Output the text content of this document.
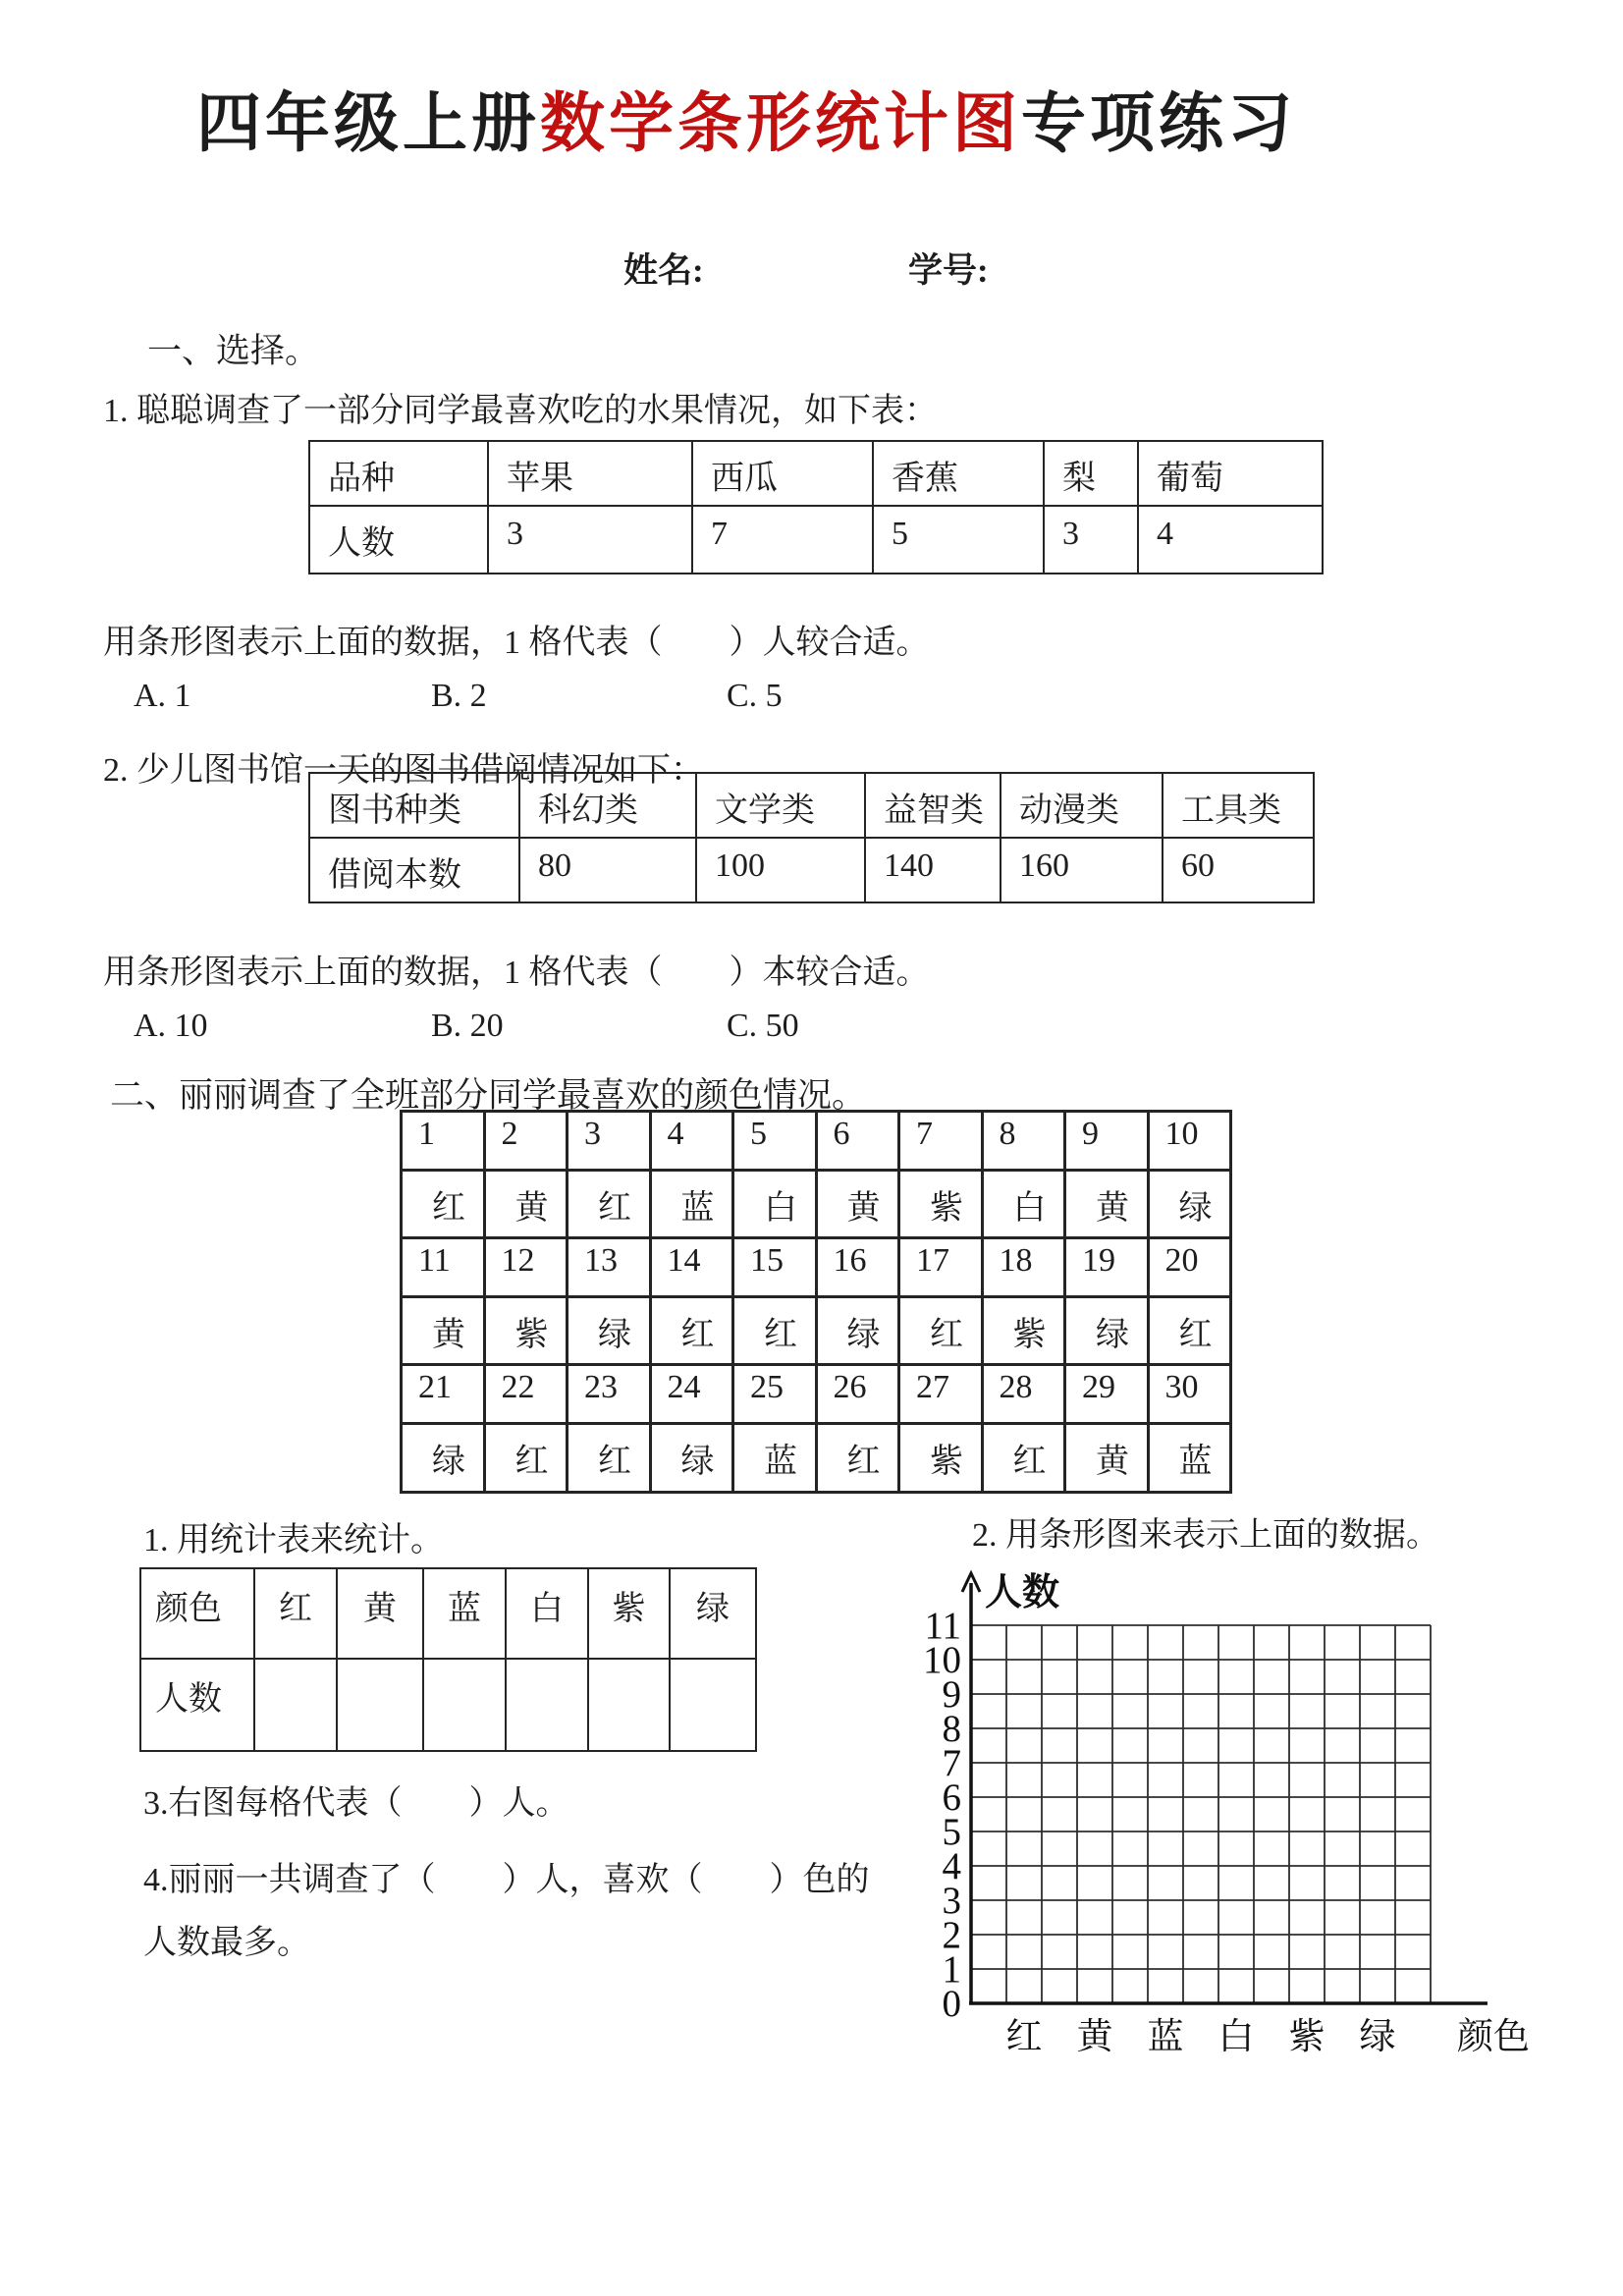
四年级上册数学条形统计图专项练习
姓名:	学号:
一、选择。
1. 聪聪调查了一部分同学最喜欢吃的水果情况，如下表：
品种	苹果	西瓜	香蕉	梨	葡萄
人数	3	7	5	3	4
用条形图表示上面的数据，1 格代表（　　）人较合适。
A. 1	B. 2	C. 5
2. 少儿图书馆一天的图书借阅情况如下：
图书种类	科幻类	文学类	益智类	动漫类	工具类
借阅本数	80	100	140	160	60
用条形图表示上面的数据，1 格代表（　　）本较合适。
A. 10	B. 20	C. 50
二、丽丽调查了全班部分同学最喜欢的颜色情况。
1	2	3	4	5	6	7	8	9	10
红	黄	红	蓝	白	黄	紫	白	黄	绿
11	12	13	14	15	16	17	18	19	20
黄	紫	绿	红	红	绿	红	紫	绿	红
21	22	23	24	25	26	27	28	29	30
绿	红	红	绿	蓝	红	紫	红	黄	蓝
1. 用统计表来统计。
颜色	红	黄	蓝	白	紫	绿
人数						
3.右图每格代表（　　）人。
4.丽丽一共调查了（　　）人，喜欢（　　）色的
人数最多。
2. 用条形图来表示上面的数据。
人数
0
1
2
3
4
5
6
7
8
9
10
11
红 黄 蓝 白 紫 绿 颜色
